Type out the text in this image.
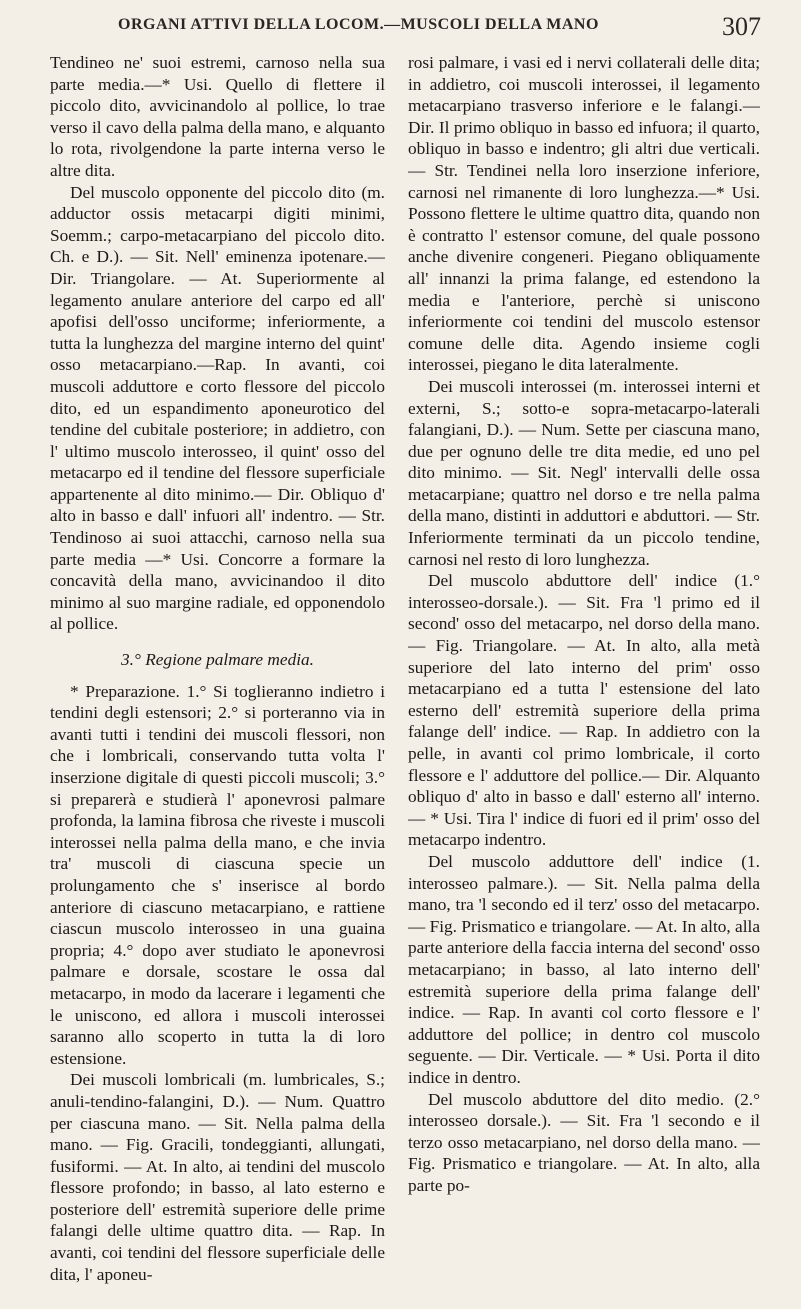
ORGANI ATTIVI DELLA LOCOM.—MUSCOLI DELLA MANO	307

Tendineo ne' suoi estremi, carnoso nella sua parte media.—* Usi. Quello di flettere il piccolo dito, avvicinandolo al pollice, lo trae verso il cavo della palma della mano, e alquanto lo rota, rivolgendone la parte interna verso le altre dita.

Del muscolo opponente del piccolo dito (m. adductor ossis metacarpi digiti minimi, Soemm.; carpo-metacarpiano del piccolo dito. Ch. e D.). — Sit. Nell' eminenza ipotenare.—Dir. Triangolare. — At. Superiormente al legamento anulare anteriore del carpo ed all' apofisi dell'osso unciforme; inferiormente, a tutta la lunghezza del margine interno del quint' osso metacarpiano.—Rap. In avanti, coi muscoli adduttore e corto flessore del piccolo dito, ed un espandimento aponeurotico del tendine del cubitale posteriore; in addietro, con l' ultimo muscolo interosseo, il quint' osso del metacarpo ed il tendine del flessore superficiale appartenente al dito minimo.— Dir. Obliquo d' alto in basso e dall' infuori all' indentro. — Str. Tendinoso ai suoi attacchi, carnoso nella sua parte media —* Usi. Concorre a formare la concavità della mano, avvicinandoo il dito minimo al suo margine radiale, ed opponendolo al pollice.

3.° Regione palmare media.

* Preparazione. 1.° Si toglieranno indietro i tendini degli estensori; 2.° si porteranno via in avanti tutti i tendini dei muscoli flessori, non che i lombricali, conservando tutta volta l' inserzione digitale di questi piccoli muscoli; 3.° si preparerà e studierà l' aponevrosi palmare profonda, la lamina fibrosa che riveste i muscoli interossei nella palma della mano, e che invia tra' muscoli di ciascuna specie un prolungamento che s' inserisce al bordo anteriore di ciascuno metacarpiano, e rattiene ciascun muscolo interosseo in una guaina propria; 4.° dopo aver studiato le aponevrosi palmare e dorsale, scostare le ossa dal metacarpo, in modo da lacerare i legamenti che le uniscono, ed allora i muscoli interossei saranno allo scoperto in tutta la di loro estensione.

Dei muscoli lombricali (m. lumbricales, S.; anuli-tendino-falangini, D.). — Num. Quattro per ciascuna mano. — Sit. Nella palma della mano. — Fig. Gracili, tondeggianti, allungati, fusiformi. — At. In alto, ai tendini del muscolo flessore profondo; in basso, al lato esterno e posteriore dell' estremità superiore delle prime falangi delle ultime quattro dita. — Rap. In avanti, coi tendini del flessore superficiale delle dita, l' aponeu-

rosi palmare, i vasi ed i nervi collaterali delle dita; in addietro, coi muscoli interossei, il legamento metacarpiano trasverso inferiore e le falangi.—Dir. Il primo obliquo in basso ed infuora; il quarto, obliquo in basso e indentro; gli altri due verticali. — Str. Tendinei nella loro inserzione inferiore, carnosi nel rimanente di loro lunghezza.—* Usi. Possono flettere le ultime quattro dita, quando non è contratto l' estensor comune, del quale possono anche divenire congeneri. Piegano obliquamente all' innanzi la prima falange, ed estendono la media e l'anteriore, perchè si uniscono inferiormente coi tendini del muscolo estensor comune delle dita. Agendo insieme cogli interossei, piegano le dita lateralmente.

Dei muscoli interossei (m. interossei interni et externi, S.; sotto-e sopra-metacarpo-laterali falangiani, D.). — Num. Sette per ciascuna mano, due per ognuno delle tre dita medie, ed uno pel dito minimo. — Sit. Negl' intervalli delle ossa metacarpiane; quattro nel dorso e tre nella palma della mano, distinti in adduttori e abduttori. — Str. Inferiormente terminati da un piccolo tendine, carnosi nel resto di loro lunghezza.

Del muscolo abduttore dell' indice (1.° interosseo-dorsale.). — Sit. Fra 'l primo ed il second' osso del metacarpo, nel dorso della mano. — Fig. Triangolare. — At. In alto, alla metà superiore del lato interno del prim' osso metacarpiano ed a tutta l' estensione del lato esterno dell' estremità superiore della prima falange dell' indice. — Rap. In addietro con la pelle, in avanti col primo lombricale, il corto flessore e l' adduttore del pollice.— Dir. Alquanto obliquo d' alto in basso e dall' esterno all' interno. — * Usi. Tira l' indice di fuori ed il prim' osso del metacarpo indentro.

Del muscolo adduttore dell' indice (1. interosseo palmare.). — Sit. Nella palma della mano, tra 'l secondo ed il terz' osso del metacarpo. — Fig. Prismatico e triangolare. — At. In alto, alla parte anteriore della faccia interna del second' osso metacarpiano; in basso, al lato interno dell' estremità superiore della prima falange dell' indice. — Rap. In avanti col corto flessore e l' adduttore del pollice; in dentro col muscolo seguente. — Dir. Verticale. — * Usi. Porta il dito indice in dentro.

Del muscolo abduttore del dito medio. (2.° interosseo dorsale.). — Sit. Fra 'l secondo e il terzo osso metacarpiano, nel dorso della mano. — Fig. Prismatico e triangolare. — At. In alto, alla parte po-
